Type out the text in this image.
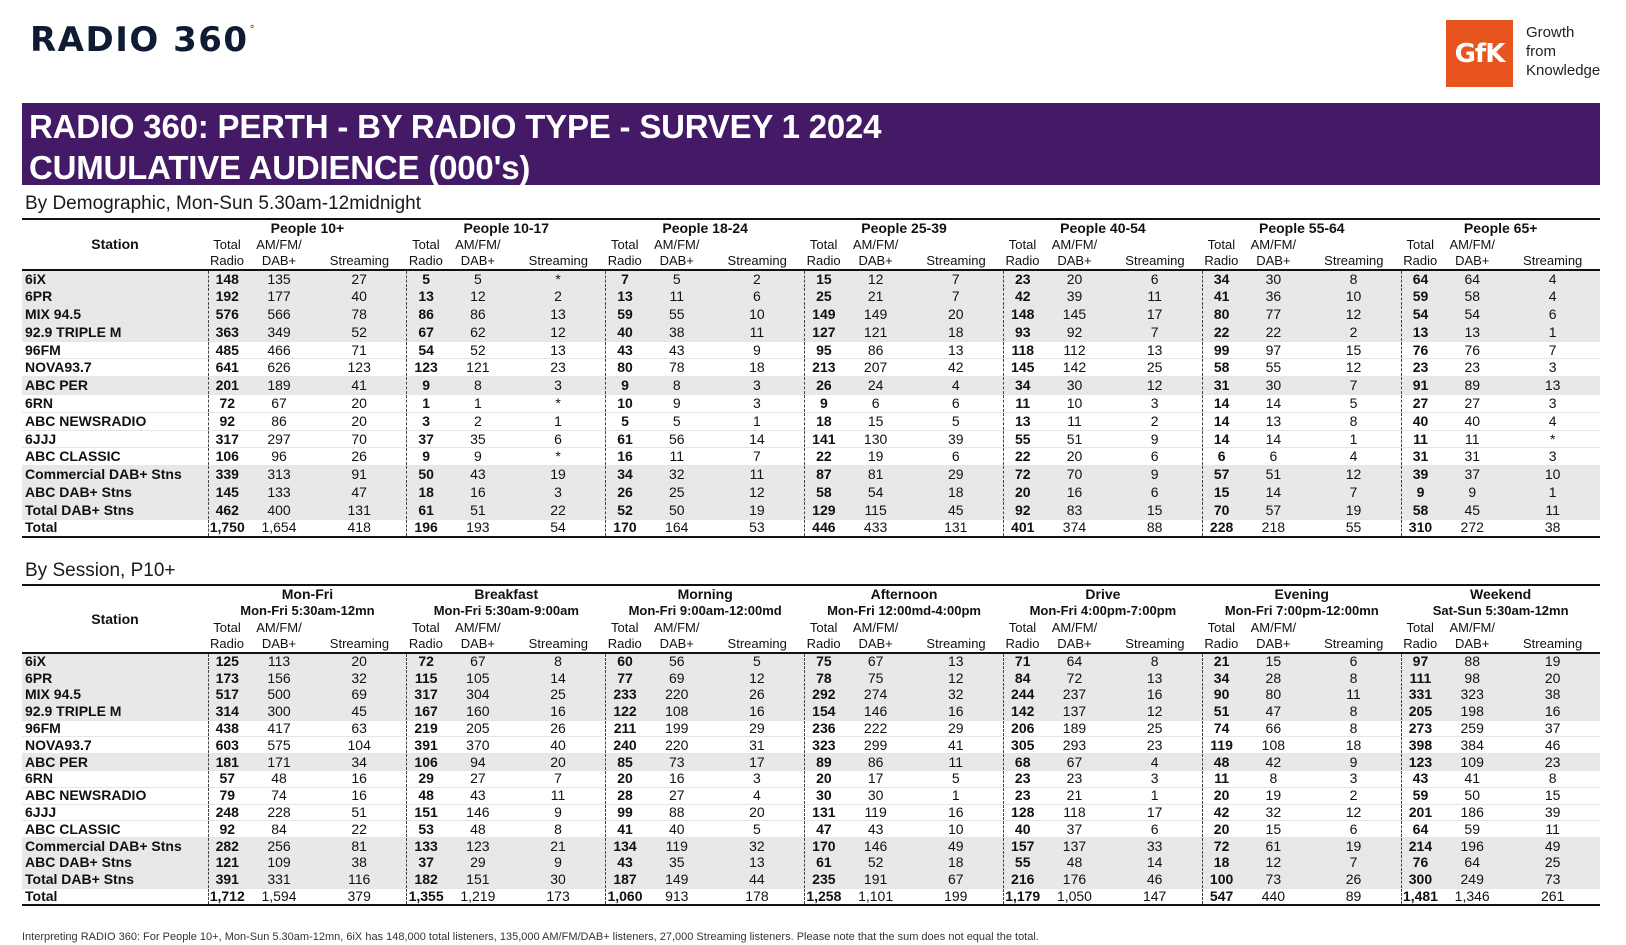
RADIO 360°
GfK
Growth
from
Knowledge
RADIO 360: PERTH - BY RADIO TYPE - SURVEY 1 2024
CUMULATIVE AUDIENCE (000's)
By Demographic, Mon-Sun 5.30am-12midnight
Station	People 10+			People 10-17			People 18-24			People 25-39			People 40-54			People 55-64			People 65+		
	Total	AM/FM/		Total	AM/FM/		Total	AM/FM/		Total	AM/FM/		Total	AM/FM/		Total	AM/FM/		Total	AM/FM/	
	Radio	DAB+	Streaming	Radio	DAB+	Streaming	Radio	DAB+	Streaming	Radio	DAB+	Streaming	Radio	DAB+	Streaming	Radio	DAB+	Streaming	Radio	DAB+	Streaming
6iX	148	135	27	5	5	*	7	5	2	15	12	7	23	20	6	34	30	8	64	64	4
6PR	192	177	40	13	12	2	13	11	6	25	21	7	42	39	11	41	36	10	59	58	4
MIX 94.5	576	566	78	86	86	13	59	55	10	149	149	20	148	145	17	80	77	12	54	54	6
92.9 TRIPLE M	363	349	52	67	62	12	40	38	11	127	121	18	93	92	7	22	22	2	13	13	1
96FM	485	466	71	54	52	13	43	43	9	95	86	13	118	112	13	99	97	15	76	76	7
NOVA93.7	641	626	123	123	121	23	80	78	18	213	207	42	145	142	25	58	55	12	23	23	3
ABC PER	201	189	41	9	8	3	9	8	3	26	24	4	34	30	12	31	30	7	91	89	13
6RN	72	67	20	1	1	*	10	9	3	9	6	6	11	10	3	14	14	5	27	27	3
ABC NEWSRADIO	92	86	20	3	2	1	5	5	1	18	15	5	13	11	2	14	13	8	40	40	4
6JJJ	317	297	70	37	35	6	61	56	14	141	130	39	55	51	9	14	14	1	11	11	*
ABC CLASSIC	106	96	26	9	9	*	16	11	7	22	19	6	22	20	6	6	6	4	31	31	3
Commercial DAB+ Stns	339	313	91	50	43	19	34	32	11	87	81	29	72	70	9	57	51	12	39	37	10
ABC DAB+ Stns	145	133	47	18	16	3	26	25	12	58	54	18	20	16	6	15	14	7	9	9	1
Total DAB+ Stns	462	400	131	61	51	22	52	50	19	129	115	45	92	83	15	70	57	19	58	45	11
Total	1,750	1,654	418	196	193	54	170	164	53	446	433	131	401	374	88	228	218	55	310	272	38
By Session, P10+
Station	Mon-Fri			Breakfast			Morning			Afternoon			Drive			Evening			Weekend		
	Mon-Fri 5:30am-12mn			Mon-Fri 5:30am-9:00am			Mon-Fri 9:00am-12:00md			Mon-Fri 12:00md-4:00pm			Mon-Fri 4:00pm-7:00pm			Mon-Fri 7:00pm-12:00mn			Sat-Sun 5:30am-12mn		
	Total	AM/FM/		Total	AM/FM/		Total	AM/FM/		Total	AM/FM/		Total	AM/FM/		Total	AM/FM/		Total	AM/FM/	
	Radio	DAB+	Streaming	Radio	DAB+	Streaming	Radio	DAB+	Streaming	Radio	DAB+	Streaming	Radio	DAB+	Streaming	Radio	DAB+	Streaming	Radio	DAB+	Streaming
6iX	125	113	20	72	67	8	60	56	5	75	67	13	71	64	8	21	15	6	97	88	19
6PR	173	156	32	115	105	14	77	69	12	78	75	12	84	72	13	34	28	8	111	98	20
MIX 94.5	517	500	69	317	304	25	233	220	26	292	274	32	244	237	16	90	80	11	331	323	38
92.9 TRIPLE M	314	300	45	167	160	16	122	108	16	154	146	16	142	137	12	51	47	8	205	198	16
96FM	438	417	63	219	205	26	211	199	29	236	222	29	206	189	25	74	66	8	273	259	37
NOVA93.7	603	575	104	391	370	40	240	220	31	323	299	41	305	293	23	119	108	18	398	384	46
ABC PER	181	171	34	106	94	20	85	73	17	89	86	11	68	67	4	48	42	9	123	109	23
6RN	57	48	16	29	27	7	20	16	3	20	17	5	23	23	3	11	8	3	43	41	8
ABC NEWSRADIO	79	74	16	48	43	11	28	27	4	30	30	1	23	21	1	20	19	2	59	50	15
6JJJ	248	228	51	151	146	9	99	88	20	131	119	16	128	118	17	42	32	12	201	186	39
ABC CLASSIC	92	84	22	53	48	8	41	40	5	47	43	10	40	37	6	20	15	6	64	59	11
Commercial DAB+ Stns	282	256	81	133	123	21	134	119	32	170	146	49	157	137	33	72	61	19	214	196	49
ABC DAB+ Stns	121	109	38	37	29	9	43	35	13	61	52	18	55	48	14	18	12	7	76	64	25
Total DAB+ Stns	391	331	116	182	151	30	187	149	44	235	191	67	216	176	46	100	73	26	300	249	73
Total	1,712	1,594	379	1,355	1,219	173	1,060	913	178	1,258	1,101	199	1,179	1,050	147	547	440	89	1,481	1,346	261
Interpreting RADIO 360: For People 10+, Mon-Sun 5.30am-12mn, 6iX has 148,000 total listeners, 135,000 AM/FM/DAB+ listeners, 27,000 Streaming listeners. Please note that the sum does not equal the total.
